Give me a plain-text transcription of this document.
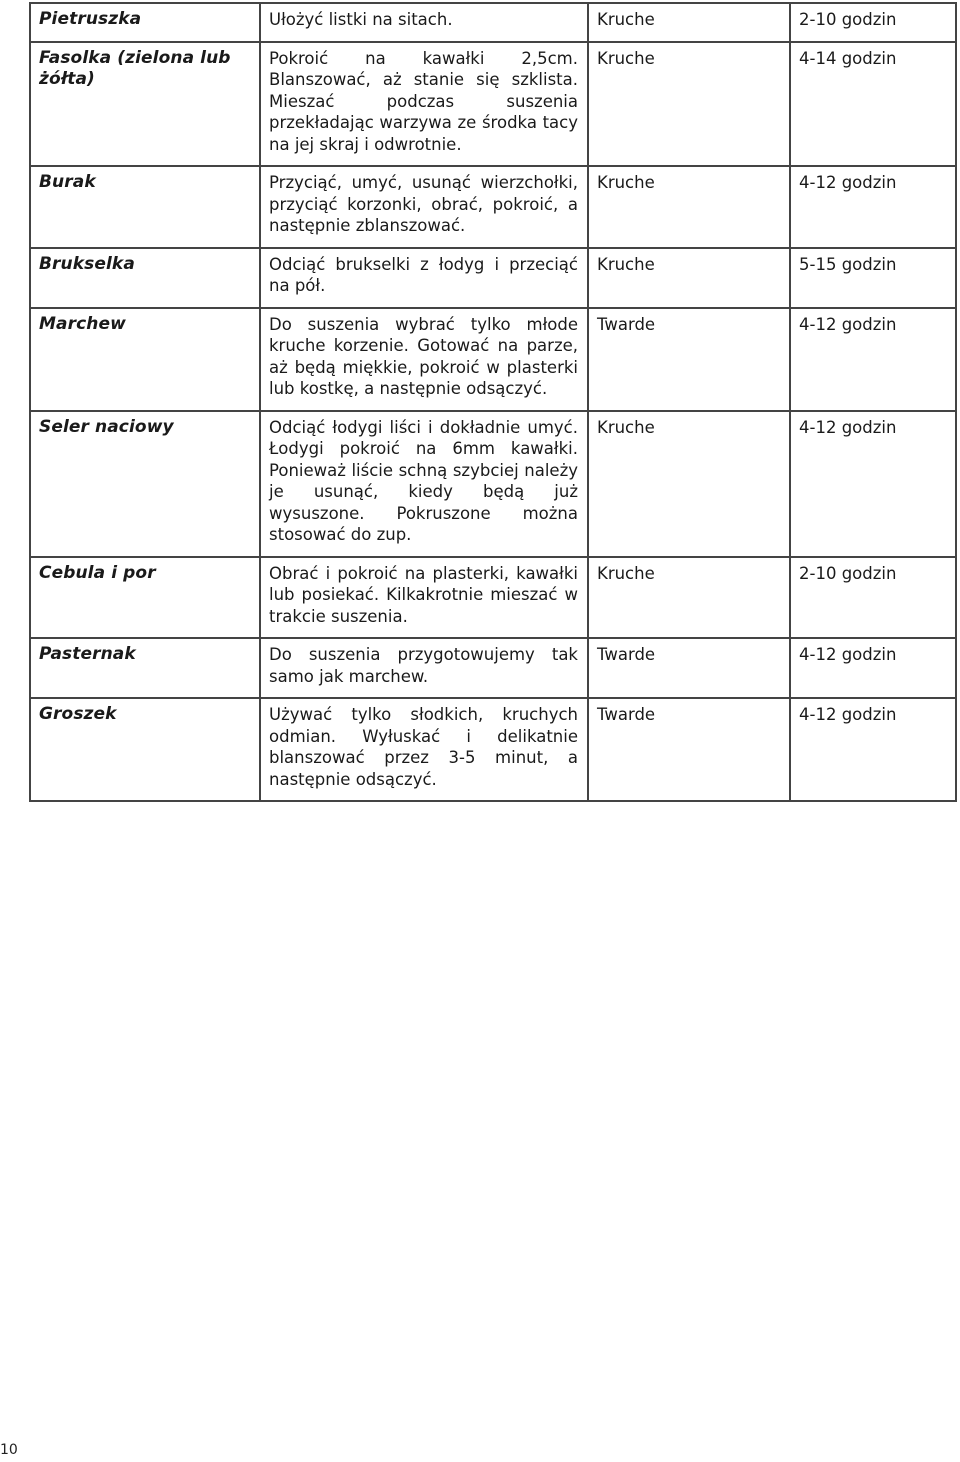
Pietruszka	Ułożyć listki na sitach.	Kruche	2-10 godzin
Fasolka (zielona lub żółta)	Pokroić na kawałki 2,5cm. Blanszować, aż stanie się szklista. Mieszać podczas suszenia przekładając warzywa ze środka tacy na jej skraj i odwrotnie.	Kruche	4-14 godzin
Burak	Przyciąć, umyć, usunąć wierzchołki, przyciąć korzonki, obrać, pokroić, a następnie zblanszować.	Kruche	4-12 godzin
Brukselka	Odciąć brukselki z łodyg i przeciąć na pół.	Kruche	5-15 godzin
Marchew	Do suszenia wybrać tylko młode kruche korzenie. Gotować na parze, aż będą miękkie, pokroić w plasterki lub kostkę, a następnie odsączyć.	Twarde	4-12 godzin
Seler naciowy	Odciąć łodygi liści i dokładnie umyć. Łodygi pokroić na 6mm kawałki. Ponieważ liście schną szybciej należy je usunąć, kiedy będą już wysuszone. Pokruszone można stosować do zup.	Kruche	4-12 godzin
Cebula i por	Obrać i pokroić na plasterki, kawałki lub posiekać. Kilkakrotnie mieszać w trakcie suszenia.	Kruche	2-10 godzin
Pasternak	Do suszenia przygotowujemy tak samo jak marchew.	Twarde	4-12 godzin
Groszek	Używać tylko słodkich, kruchych odmian. Wyłuskać i delikatnie blanszować przez 3-5 minut, a następnie odsączyć.	Twarde	4-12 godzin
10
